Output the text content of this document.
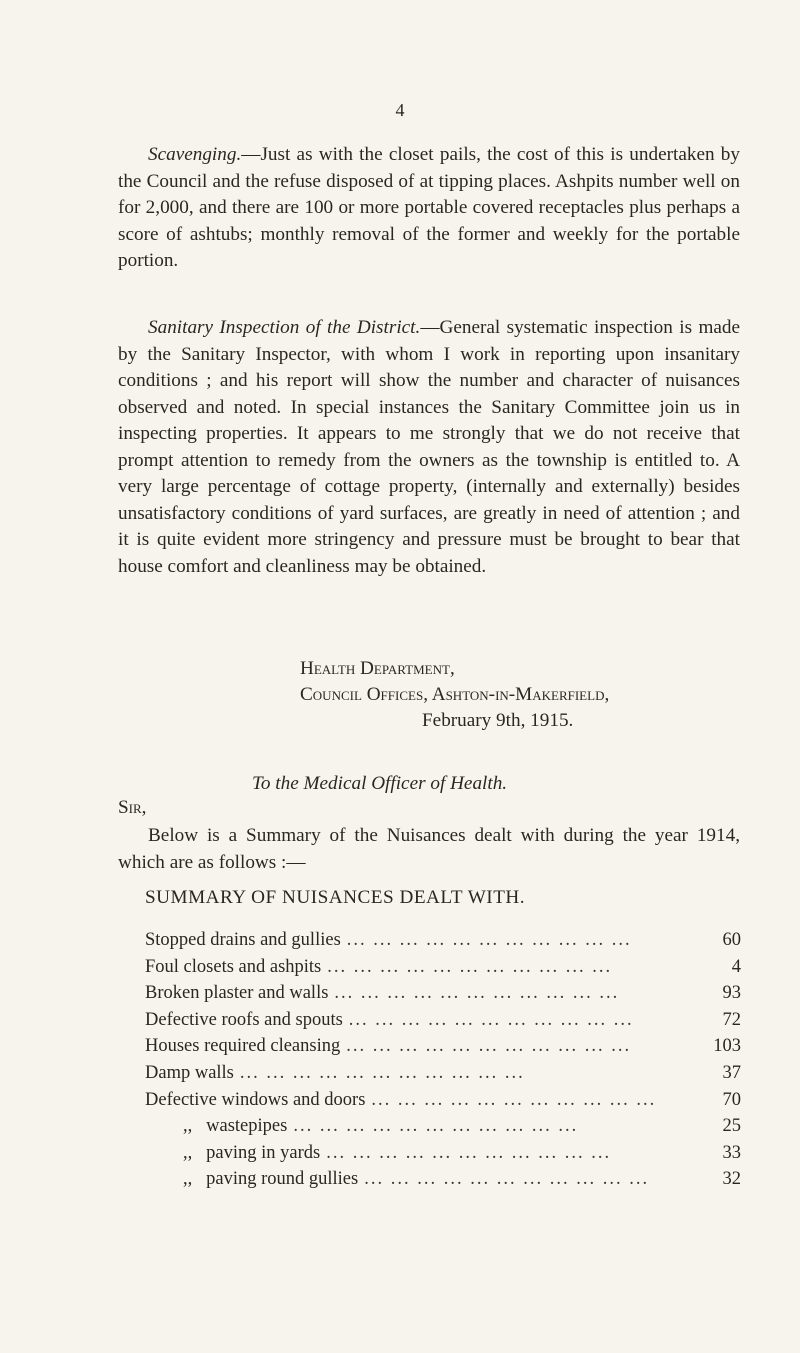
4

Scavenging.—Just as with the closet pails, the cost of this is undertaken by the Council and the refuse disposed of at tipping places. Ashpits number well on for 2,000, and there are 100 or more portable covered receptacles plus perhaps a score of ashtubs; monthly removal of the former and weekly for the portable portion.

Sanitary Inspection of the District.—General systematic inspection is made by the Sanitary Inspector, with whom I work in reporting upon insanitary conditions ; and his report will show the number and character of nuisances observed and noted. In special instances the Sanitary Committee join us in inspecting properties. It appears to me strongly that we do not receive that prompt attention to remedy from the owners as the township is entitled to. A very large percentage of cottage property, (internally and externally) besides unsatisfactory conditions of yard surfaces, are greatly in need of attention ; and it is quite evident more stringency and pressure must be brought to bear that house comfort and cleanliness may be obtained.

Health Department,
Council Offices, Ashton-in-Makerfield,
February 9th, 1915.
To the Medical Officer of Health.
Sir,

Below is a Summary of the Nuisances dealt with during the year 1914, which are as follows :—

SUMMARY OF NUISANCES DEALT WITH.
Stopped drains and gullies ... ... ... ... ... ... ... ... ... ... ...	60
Foul closets and ashpits ... ... ... ... ... ... ... ... ... ... ...	4
Broken plaster and walls ... ... ... ... ... ... ... ... ... ... ...	93
Defective roofs and spouts ... ... ... ... ... ... ... ... ... ... ...	72
Houses required cleansing ... ... ... ... ... ... ... ... ... ... ...	103
Damp walls ... ... ... ... ... ... ... ... ... ... ...	37
Defective windows and doors ... ... ... ... ... ... ... ... ... ... ...	70
,,   wastepipes ... ... ... ... ... ... ... ... ... ... ...	25
,,   paving in yards ... ... ... ... ... ... ... ... ... ... ...	33
,,   paving round gullies ... ... ... ... ... ... ... ... ... ... ...	32
